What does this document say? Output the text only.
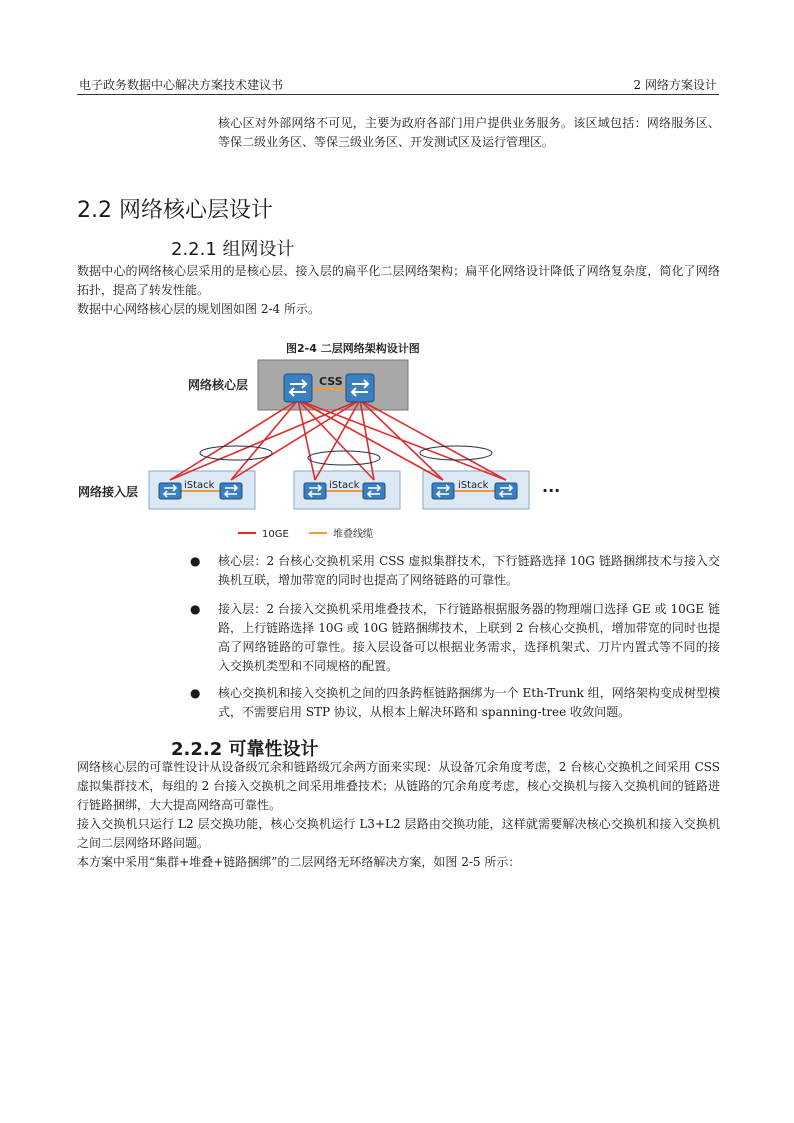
电子政务数据中心解决方案技术建议书	2 网络方案设计
核心区对外部网络不可见，主要为政府各部门用户提供业务服务。该区域包括：网络服务区、等保二级业务区、等保三级业务区、开发测试区及运行管理区。
2.2 网络核心层设计
2.2.1 组网设计
数据中心的网络核心层采用的是核心层、接入层的扁平化二层网络架构；扁平化网络设计降低了网络复杂度，简化了网络拓扑，提高了转发性能。
数据中心网络核心层的规划图如图 2-4 所示。
图2-4 二层网络架构设计图
网络核心层
网络接入层
CSS
iStack	iStack	iStack	···
10GE	堆叠线缆
● 核心层：2 台核心交换机采用 CSS 虚拟集群技术，下行链路选择 10G 链路捆绑技术与接入交换机互联，增加带宽的同时也提高了网络链路的可靠性。
● 接入层：2 台接入交换机采用堆叠技术，下行链路根据服务器的物理端口选择 GE 或 10GE 链路，上行链路选择 10G 或 10G 链路捆绑技术，上联到 2 台核心交换机，增加带宽的同时也提高了网络链路的可靠性。接入层设备可以根据业务需求，选择机架式、刀片内置式等不同的接入交换机类型和不同规格的配置。
● 核心交换机和接入交换机之间的四条跨框链路捆绑为一个 Eth-Trunk 组，网络架构变成树型模式，不需要启用 STP 协议，从根本上解决环路和 spanning-tree 收敛问题。
2.2.2 可靠性设计
网络核心层的可靠性设计从设备级冗余和链路级冗余两方面来实现：从设备冗余角度考虑，2 台核心交换机之间采用 CSS 虚拟集群技术，每组的 2 台接入交换机之间采用堆叠技术；从链路的冗余角度考虑，核心交换机与接入交换机间的链路进行链路捆绑，大大提高网络高可靠性。
接入交换机只运行 L2 层交换功能，核心交换机运行 L3+L2 层路由交换功能，这样就需要解决核心交换机和接入交换机之间二层网络环路问题。
本方案中采用“集群+堆叠+链路捆绑”的二层网络无环络解决方案，如图 2-5 所示：
